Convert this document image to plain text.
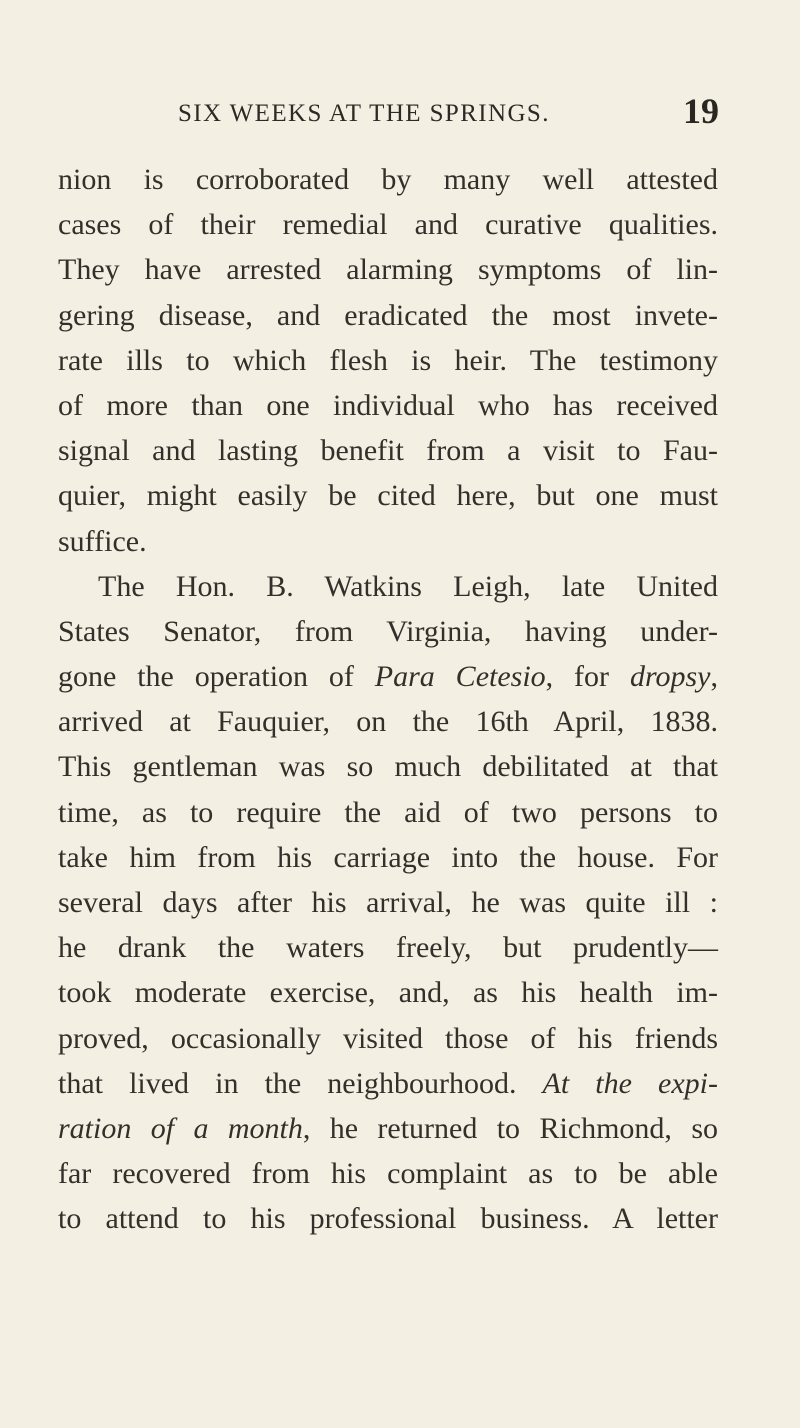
SIX WEEKS AT THE SPRINGS.	19
nion is corroborated by many well attested
cases of their remedial and curative qualities.
They have arrested alarming symptoms of lin-
gering disease, and eradicated the most invete-
rate ills to which flesh is heir. The testimony
of more than one individual who has received
signal and lasting benefit from a visit to Fau-
quier, might easily be cited here, but one must
suffice.
The Hon. B. Watkins Leigh, late United
States Senator, from Virginia, having under-
gone the operation of Para Cetesio, for dropsy,
arrived at Fauquier, on the 16th April, 1838.
This gentleman was so much debilitated at that
time, as to require the aid of two persons to
take him from his carriage into the house. For
several days after his arrival, he was quite ill :
he drank the waters freely, but prudently—
took moderate exercise, and, as his health im-
proved, occasionally visited those of his friends
that lived in the neighbourhood. At the expi-
ration of a month, he returned to Richmond, so
far recovered from his complaint as to be able
to attend to his professional business. A letter
